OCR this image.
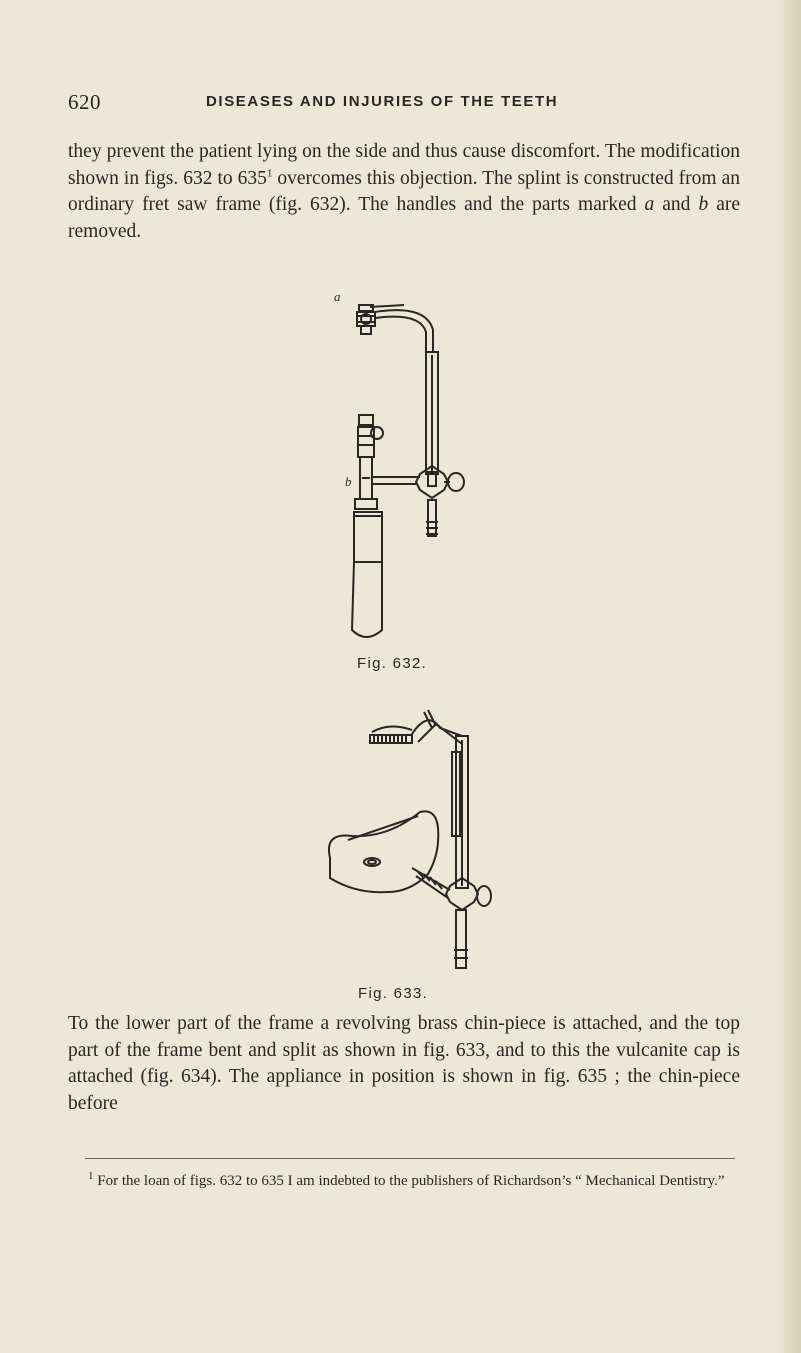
620	DISEASES AND INJURIES OF THE TEETH

they prevent the patient lying on the side and thus cause discomfort. The modification shown in figs. 632 to $635^1$ overcomes this objection. The splint is constructed from an ordinary fret saw frame (fig. 632). The handles and the parts marked a and b are removed.

a
b
Fig. 632.
Fig. 633.

To the lower part of the frame a revolving brass chin-piece is attached, and the top part of the frame bent and split as shown in fig. 633, and to this the vulcanite cap is attached (fig. 634). The appliance in position is shown in fig. 635 ; the chin-piece before

$^1$ For the loan of figs. 632 to 635 I am indebted to the publishers of Richardson’s “ Mechanical Dentistry.”
